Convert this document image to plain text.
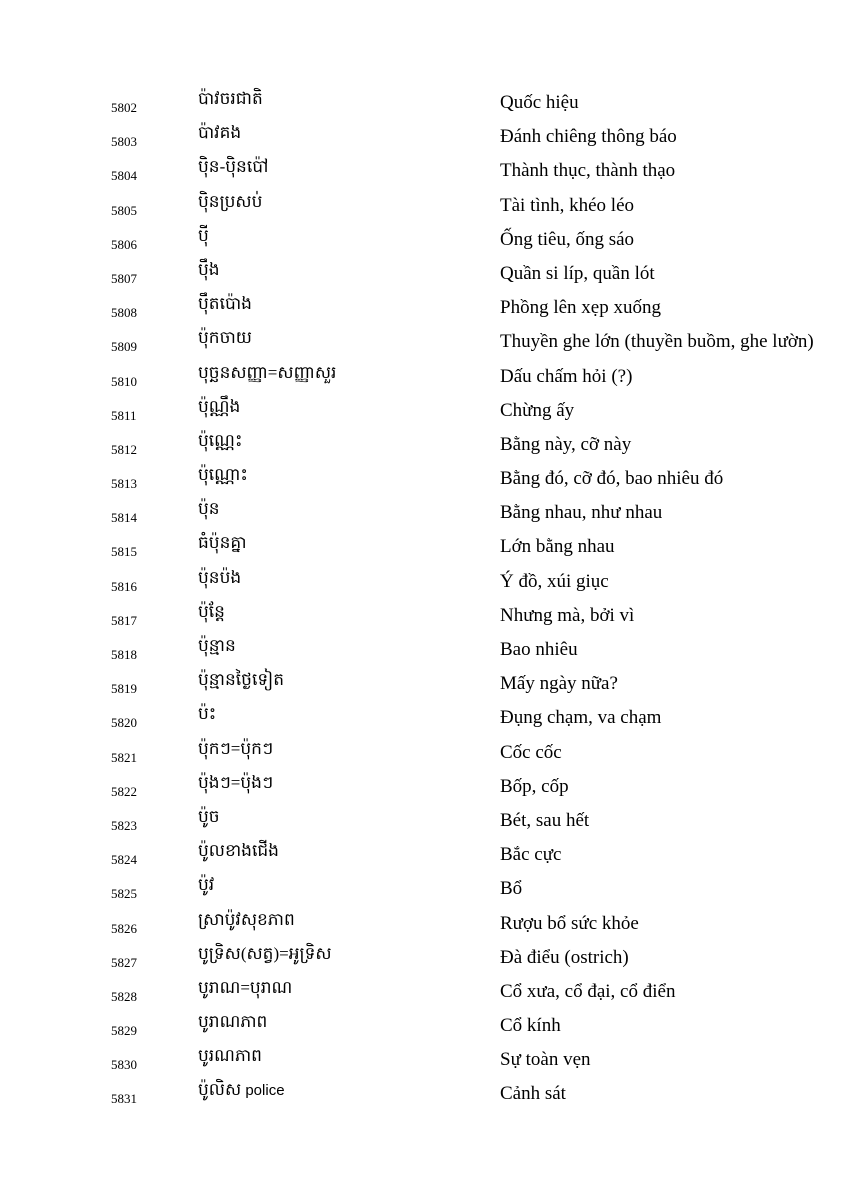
5802	ប៉ាវចរជាតិ	Quốc hiệu
5803	ប៉ាវគង	Đánh chiêng thông báo
5804	ប៉ិន-ប៉ិនប៉ៅ	Thành thục, thành thạo
5805	ប៉ិនប្រសប់	Tài tình, khéo léo
5806	ប៉ី	Ống tiêu, ống sáo
5807	ប៉ឹង	Quần si líp, quần lót
5808	ប៉ឹតប៉ោង	Phồng lên xẹp xuống
5809	ប៉ុកចាយ	Thuyền ghe lớn (thuyền buồm, ghe lườn)
5810	បុច្ឆនសញ្ញា=សញ្ញាសួរ	Dấu chấm hỏi (?)
5811	ប៉ុណ្ណឹង	Chừng ấy
5812	ប៉ុណ្ណេះ	Bằng này, cỡ này
5813	ប៉ុណ្ណោះ	Bằng đó, cỡ đó, bao nhiêu đó
5814	ប៉ុន	Bằng nhau, như nhau
5815	ធំប៉ុនគ្នា	Lớn bằng nhau
5816	ប៉ុនប៉ង	Ý đồ, xúi giục
5817	ប៉ុន្តែ	Nhưng mà, bởi vì
5818	ប៉ុន្មាន	Bao nhiêu
5819	ប៉ុន្មានថ្ងៃទៀត	Mấy ngày nữa?
5820	ប៉ះ	Đụng chạm, va chạm
5821	ប៉ុកៗ=ប៉ុកៗ	Cốc cốc
5822	ប៉ុងៗ=ប៉ុងៗ	Bốp, cốp
5823	ប៉ូច	Bét, sau hết
5824	ប៉ូលខាងជើង	Bắc cực
5825	ប៉ូវ	Bổ
5826	ស្រាប៉ូវសុខភាព	Rượu bổ sức khỏe
5827	បូទ្រិស(សត្វ)=អូទ្រិស	Đà điểu (ostrich)
5828	បូរាណ=បុរាណ	Cổ xưa, cổ đại, cổ điển
5829	បូរាណភាព	Cổ kính
5830	បូរណភាព	Sự toàn vẹn
5831	ប៉ូលិស police	Cảnh sát
